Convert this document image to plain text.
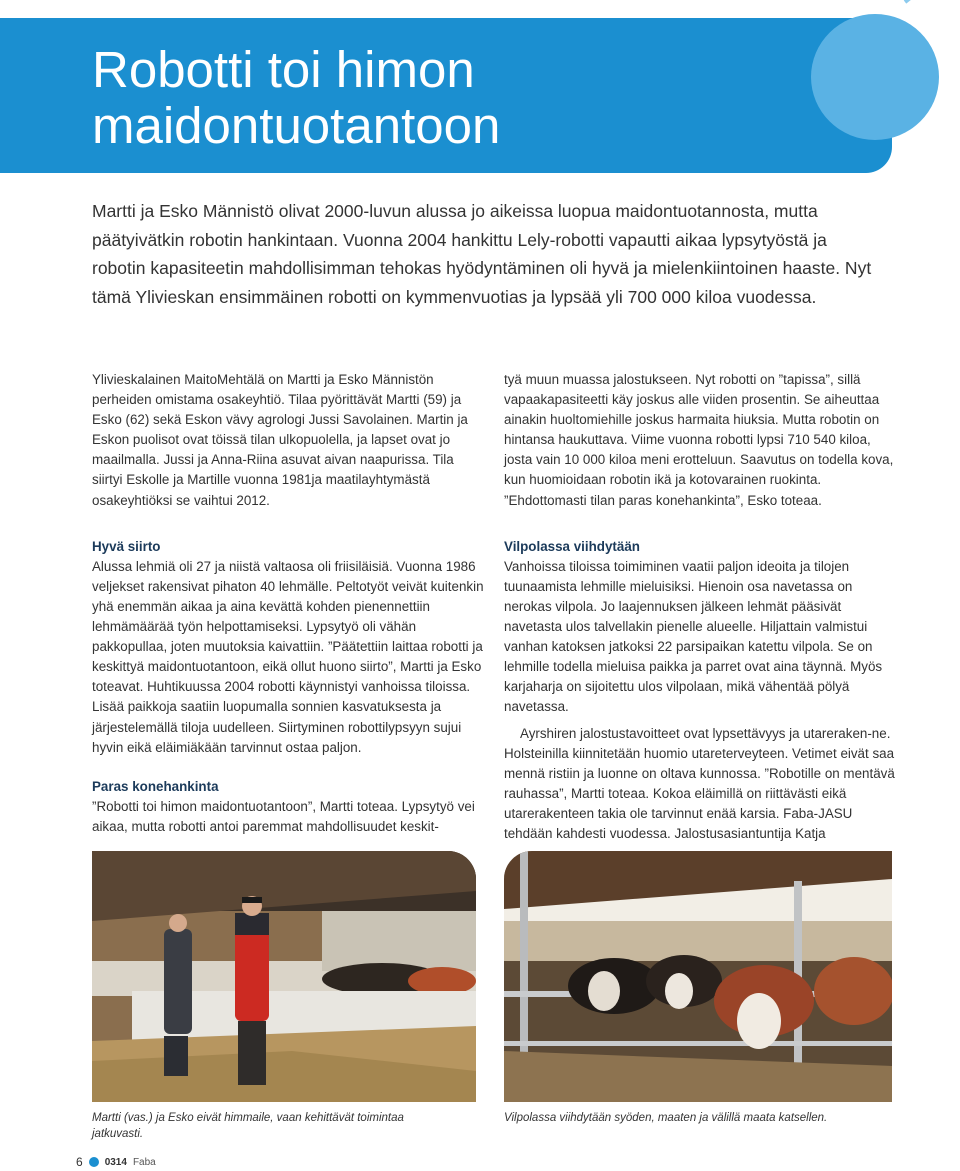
Robotti toi himon
maidontuotantoon

Martti ja Esko Männistö olivat 2000-luvun alussa jo aikeissa luopua maidontuotannosta, mutta päätyivätkin robotin hankintaan. Vuonna 2004 hankittu Lely-robotti vapautti aikaa lypsytyöstä ja robotin kapasiteetin mahdollisimman tehokas hyödyntäminen oli hyvä ja mielenkiintoinen haaste. Nyt tämä Ylivieskan ensimmäinen robotti on kymmenvuotias ja lypsää yli 700 000 kiloa vuodessa.

Ylivieskalainen MaitoMehtälä on Martti ja Esko Männistön perheiden omistama osakeyhtiö. Tilaa pyörittävät Martti (59) ja Esko (62) sekä Eskon vävy agrologi Jussi Savolainen. Martin ja Eskon puolisot ovat töissä tilan ulkopuolella, ja lapset ovat jo maailmalla. Jussi ja Anna-Riina asuvat aivan naapurissa. Tila siirtyi Eskolle ja Martille vuonna 1981ja maatilayhtymästä osakeyhtiöksi se vaihtui 2012.

Hyvä siirto

Alussa lehmiä oli 27 ja niistä valtaosa oli friisiläisiä. Vuonna 1986 veljekset rakensivat pihaton 40 lehmälle. Peltotyöt veivät kuitenkin yhä enemmän aikaa ja aina kevättä kohden pienennettiin lehmämäärää työn helpottamiseksi. Lypsytyö oli vähän pakkopullaa, joten muutoksia kaivattiin. ”Päätettiin laittaa robotti ja keskittyä maidontuotantoon, eikä ollut huono siirto”, Martti ja Esko toteavat. Huhtikuussa 2004 robotti käynnistyi vanhoissa tiloissa. Lisää paikkoja saatiin luopumalla sonnien kasvatuksesta ja järjestelemällä tiloja uudelleen. Siirtyminen robottilypsyyn sujui hyvin eikä eläimiäkään tarvinnut ostaa paljon.

Paras konehankinta

”Robotti toi himon maidontuotantoon”, Martti toteaa. Lypsytyö vei aikaa, mutta robotti antoi paremmat mahdollisuudet keskit-

tyä muun muassa jalostukseen. Nyt robotti on ”tapissa”, sillä vapaakapasiteetti käy joskus alle viiden prosentin. Se aiheuttaa ainakin huoltomiehille joskus harmaita hiuksia. Mutta robotin on hintansa haukuttava. Viime vuonna robotti lypsi 710 540 kiloa, josta vain 10 000 kiloa meni erotteluun. Saavutus on todella kova, kun huomioidaan robotin ikä ja kotovarainen ruokinta. ”Ehdottomasti tilan paras konehankinta”, Esko toteaa.

Vilpolassa viihdytään

Vanhoissa tiloissa toimiminen vaatii paljon ideoita ja tilojen tuunaamista lehmille mieluisiksi. Hienoin osa navetassa on nerokas vilpola. Jo laajennuksen jälkeen lehmät pääsivät navetasta ulos talvellakin pienelle alueelle. Hiljattain valmistui vanhan katoksen jatkoksi 22 parsipaikan katettu vilpola. Se on lehmille todella mieluisa paikka ja parret ovat aina täynnä. Myös karjaharja on sijoitettu ulos vilpolaan, mikä vähentää pölyä navetassa.

Ayrshiren jalostustavoitteet ovat lypsettävyys ja utareraken-ne. Holsteinilla kiinnitetään huomio utareterveyteen. Vetimet eivät saa mennä ristiin ja luonne on oltava kunnossa. ”Robotille on mentävä rauhassa”, Martti toteaa. Kokoa eläimillä on riittävästi eikä utarerakenteen takia ole tarvinnut enää karsia. Faba-JASU tehdään kahdesti vuodessa. Jalostusasiantuntija Katja

Martti (vas.) ja Esko eivät himmaile, vaan kehittävät toimintaa jatkuvasti.

Vilpolassa viihdytään syöden, maaten ja välillä maata katsellen.

6 0314 Faba
